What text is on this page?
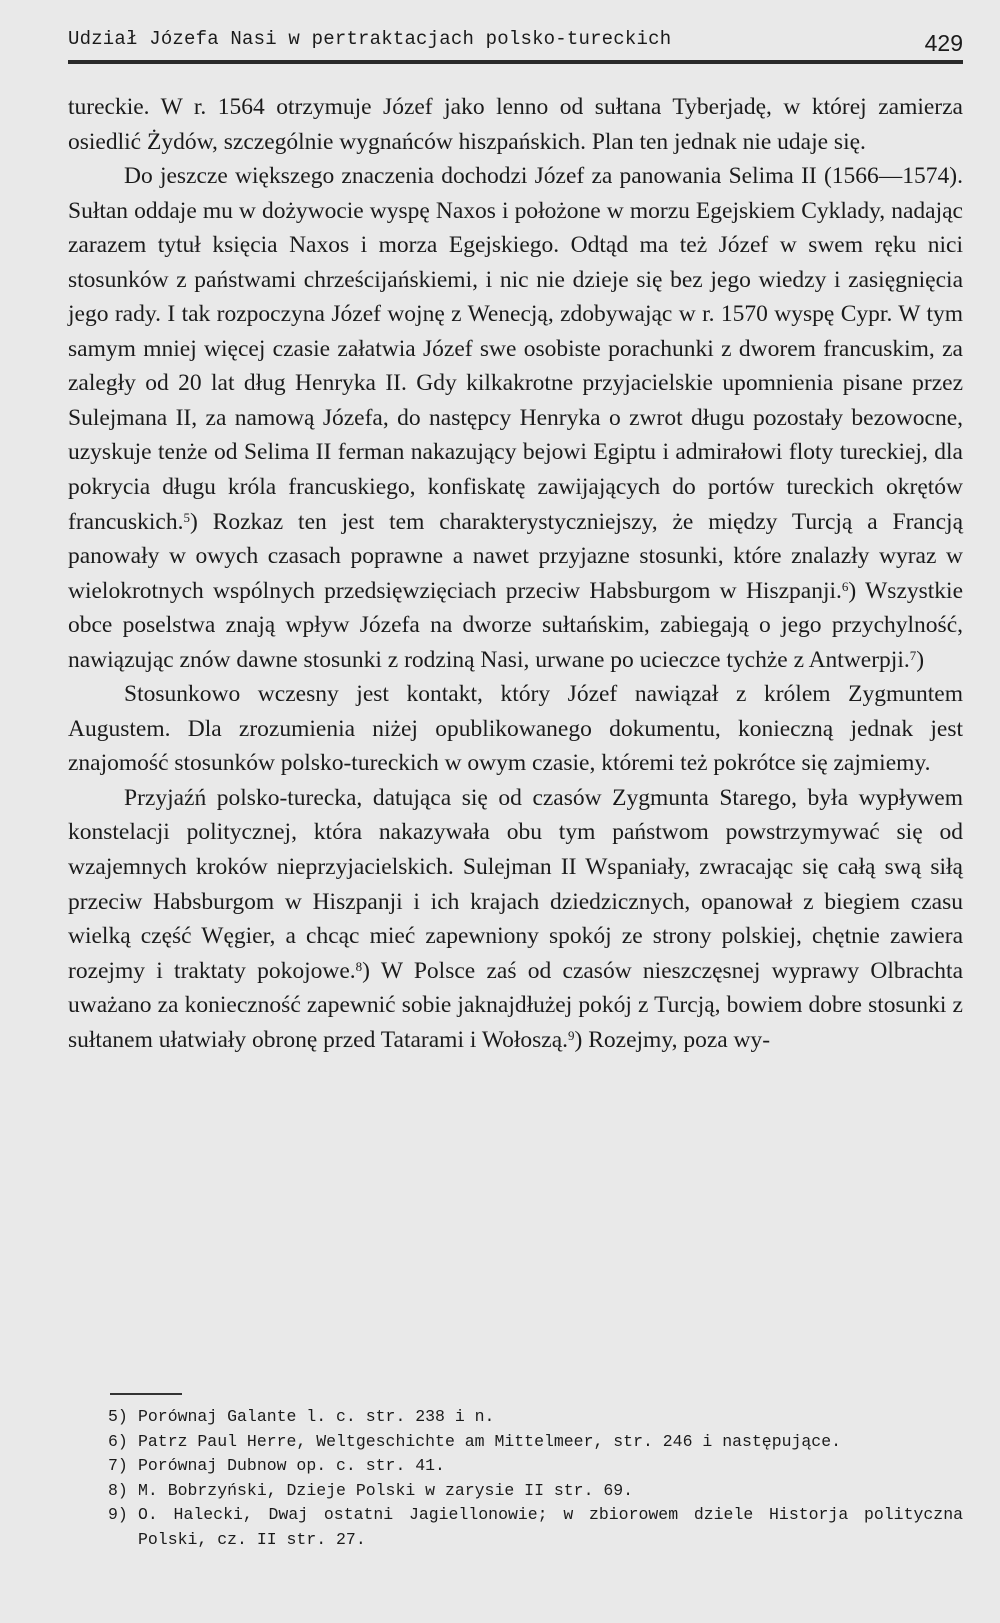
Udział Józefa Nasi w pertraktacjach polsko-tureckich	429

tureckie. W r. 1564 otrzymuje Józef jako lenno od sułtana Tyberjadę, w której zamierza osiedlić Żydów, szczególnie wygnańców hiszpańskich. Plan ten jednak nie udaje się.

Do jeszcze większego znaczenia dochodzi Józef za panowania Selima II (1566—1574). Sułtan oddaje mu w dożywocie wyspę Naxos i położone w morzu Egejskiem Cyklady, nadając zarazem tytuł księcia Naxos i morza Egejskiego. Odtąd ma też Józef w swem ręku nici stosunków z państwami chrześcijańskiemi, i nic nie dzieje się bez jego wiedzy i zasięgnięcia jego rady. I tak rozpoczyna Józef wojnę z Wenecją, zdobywając w r. 1570 wyspę Cypr. W tym samym mniej więcej czasie załatwia Józef swe osobiste porachunki z dworem francuskim, za zaległy od 20 lat dług Henryka II. Gdy kilkakrotne przyjacielskie upomnienia pisane przez Sulejmana II, za namową Józefa, do następcy Henryka o zwrot długu pozostały bezowocne, uzyskuje tenże od Selima II ferman nakazujący bejowi Egiptu i admirałowi floty tureckiej, dla pokrycia długu króla francuskiego, konfiskatę zawijających do portów tureckich okrętów francuskich.$^5$) Rozkaz ten jest tem charakterystyczniejszy, że między Turcją a Francją panowały w owych czasach poprawne a nawet przyjazne stosunki, które znalazły wyraz w wielokrotnych wspólnych przedsięwzięciach przeciw Habsburgom w Hiszpanji.$^6$) Wszystkie obce poselstwa znają wpływ Józefa na dworze sułtańskim, zabiegają o jego przychylność, nawiązując znów dawne stosunki z rodziną Nasi, urwane po ucieczce tychże z Antwerpji.$^7$)

Stosunkowo wczesny jest kontakt, który Józef nawiązał z królem Zygmuntem Augustem. Dla zrozumienia niżej opublikowanego dokumentu, konieczną jednak jest znajomość stosunków polsko-tureckich w owym czasie, któremi też pokrótce się zajmiemy.

Przyjaźń polsko-turecka, datująca się od czasów Zygmunta Starego, była wypływem konstelacji politycznej, która nakazywała obu tym państwom powstrzymywać się od wzajemnych kroków nieprzyjacielskich. Sulejman II Wspaniały, zwracając się całą swą siłą przeciw Habsburgom w Hiszpanji i ich krajach dziedzicznych, opanował z biegiem czasu wielką część Węgier, a chcąc mieć zapewniony spokój ze strony polskiej, chętnie zawiera rozejmy i traktaty pokojowe.$^8$) W Polsce zaś od czasów nieszczęsnej wyprawy Olbrachta uważano za konieczność zapewnić sobie jaknajdłużej pokój z Turcją, bowiem dobre stosunki z sułtanem ułatwiały obronę przed Tatarami i Wołoszą.$^9$) Rozejmy, poza wy-

5) Porównaj Galante l. c. str. 238 i n.
6) Patrz Paul Herre, Weltgeschichte am Mittelmeer, str. 246 i następujące.
7) Porównaj Dubnow op. c. str. 41.
8) M. Bobrzyński, Dzieje Polski w zarysie II str. 69.
9) O. Halecki, Dwaj ostatni Jagiellonowie; w zbiorowem dziele Historja polityczna Polski, cz. II str. 27.
